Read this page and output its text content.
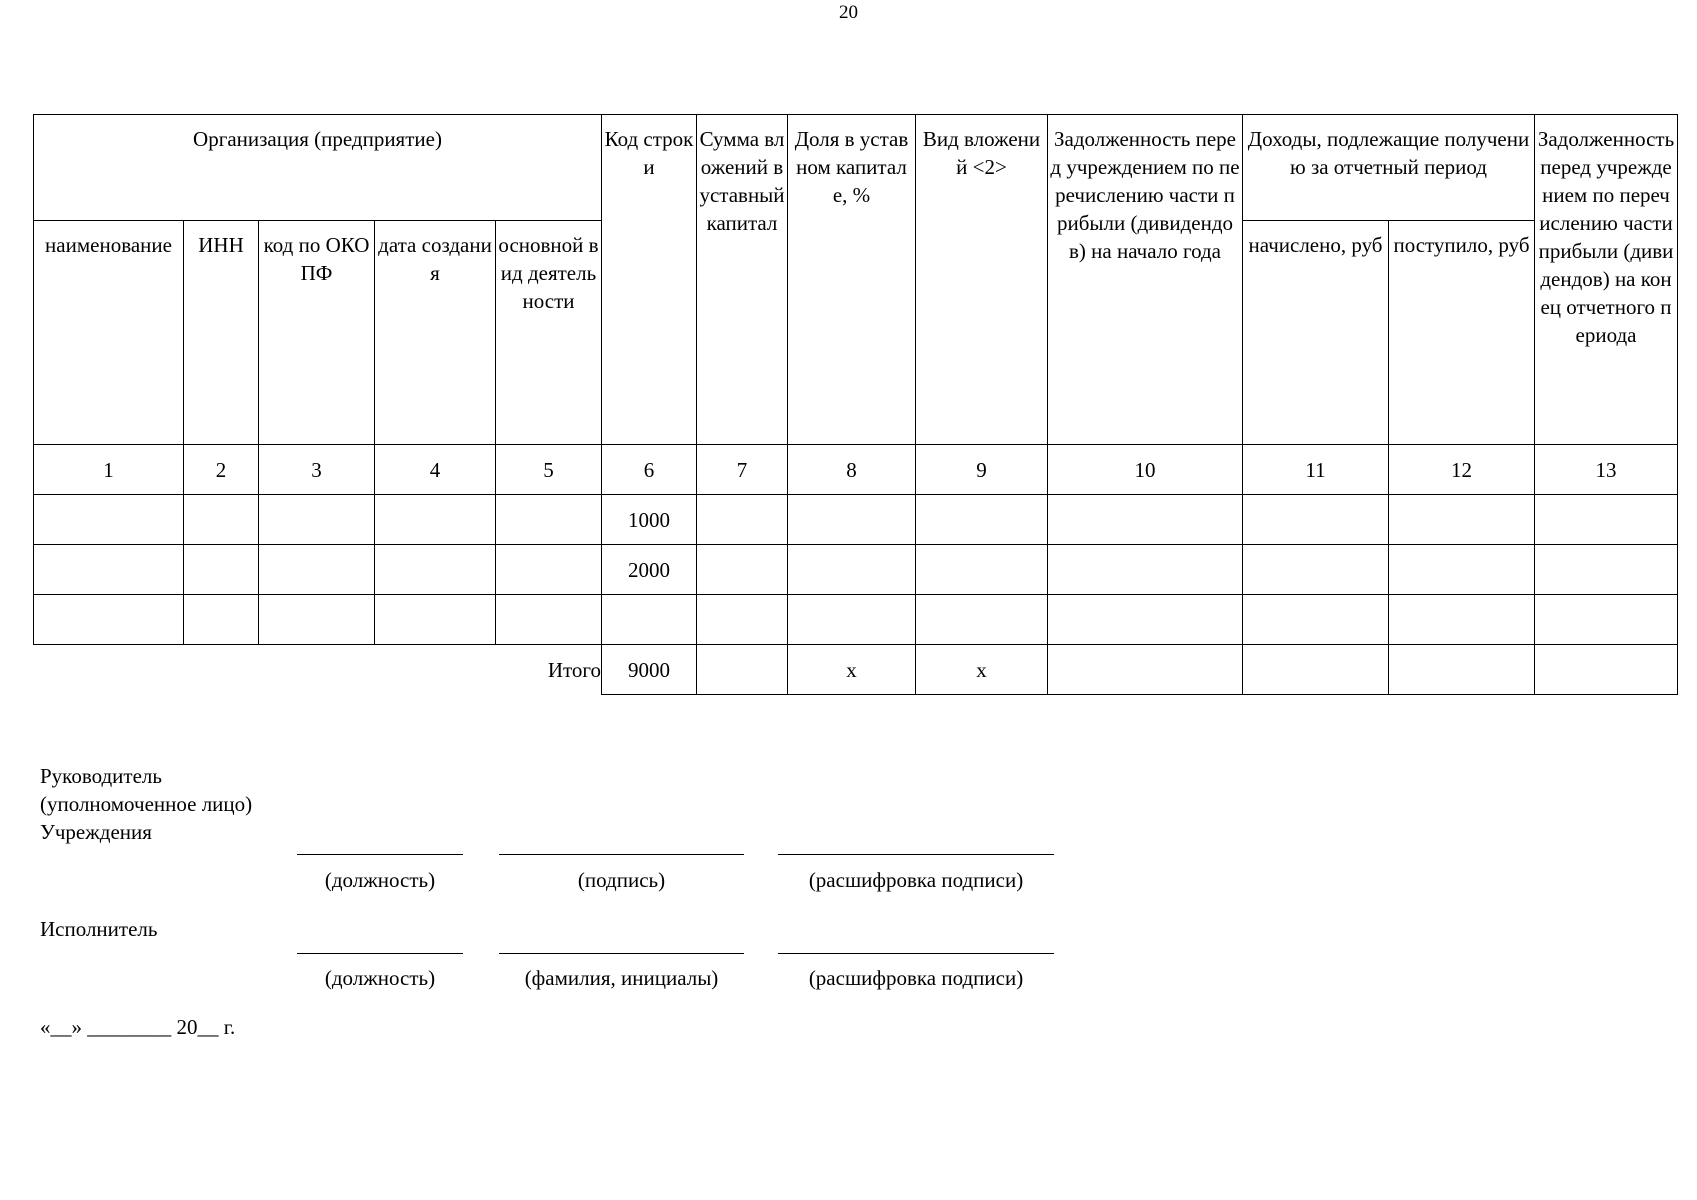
20
Организация (предприятие)					Код строки	Сумма вложений в уставный капитал	Доля в уставном капитале, %	Вид вложений <2>	Задолженность перед учреждением по перечислению части прибыли (дивидендов) на начало года	Доходы, подлежащие получению за отчетный период		Задолженность перед учреждением по перечислению части прибыли (дивидендов) на конец отчетного периода
наименование	ИНН	код по ОКОПФ	дата создания	основной вид деятельности						начислено, руб	поступило, руб	
1	2	3	4	5	6	7	8	9	10	11	12	13
					1000							
					2000							

Итого					9000		x	x				
Руководитель
(уполномоченное лицо)
Учреждения
(должность)	(подпись)	(расшифровка подписи)
Исполнитель
(должность)	(фамилия, инициалы)	(расшифровка подписи)
«__» ________ 20__ г.
